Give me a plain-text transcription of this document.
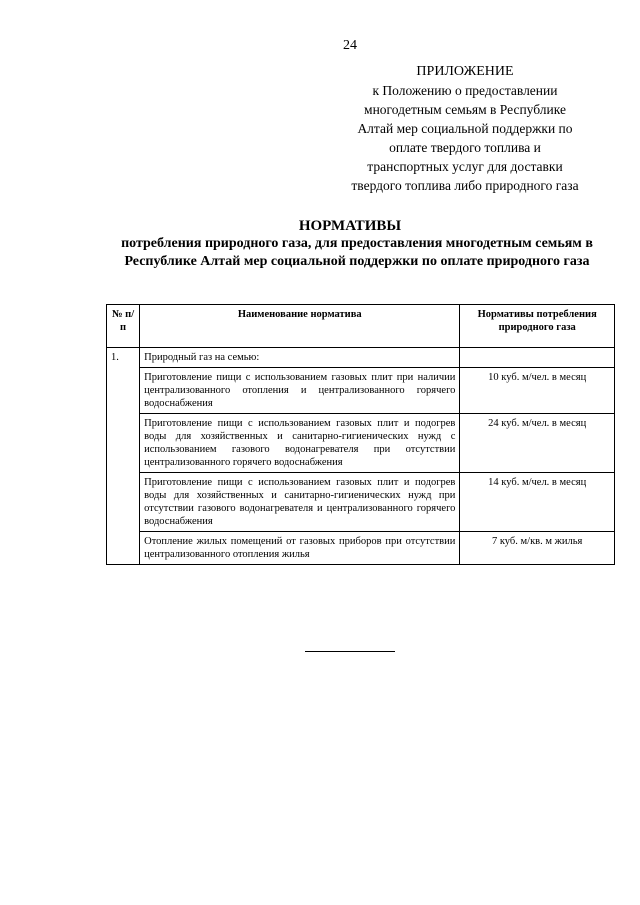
24
ПРИЛОЖЕНИЕ
к Положению о предоставлении
многодетным семьям в Республике
Алтай мер социальной поддержки по
оплате твердого топлива и
транспортных услуг для доставки
твердого топлива либо природного газа
НОРМАТИВЫ
потребления природного газа, для предоставления многодетным семьям в Республике Алтай мер социальной поддержки по оплате природного газа
№ п/п	Наименование норматива	Нормативы потребления природного газа
1.	Природный газ на семью:	
	Приготовление пищи с использованием газовых плит при наличии централизованного отопления и централизованного горячего водоснабжения	10 куб. м/чел. в месяц
	Приготовление пищи с использованием газовых плит и подогрев воды для хозяйственных и санитарно-гигиенических нужд с использованием газового водонагревателя при отсутствии централизованного горячего водоснабжения	24 куб. м/чел. в месяц
	Приготовление пищи с использованием газовых плит и подогрев воды для хозяйственных и санитарно-гигиенических нужд при отсутствии газового водонагревателя и централизованного горячего водоснабжения	14 куб. м/чел. в месяц
	Отопление жилых помещений от газовых приборов при отсутствии централизованного отопления жилья	7 куб. м/кв. м жилья
